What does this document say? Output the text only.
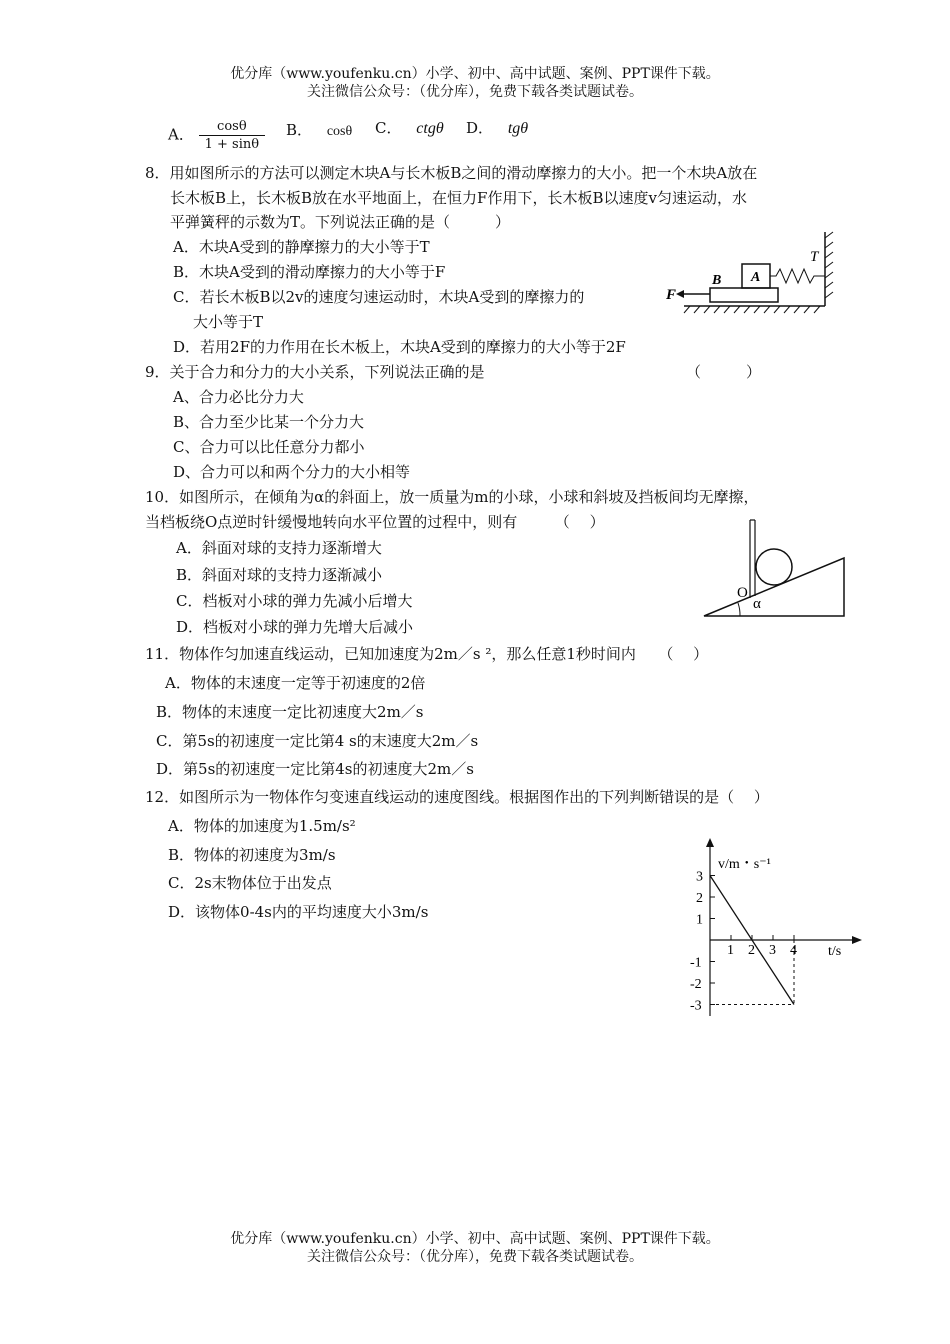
优分库（www.youfenku.cn）小学、初中、高中试题、案例、PPT课件下载。
关注微信公众号：（优分库），免费下载各类试题试卷。
A． $\frac{\cos\theta}{1 + \sin\theta}$ B． cosθ C． ctgθ D． tgθ
8．用如图所示的方法可以测定木块A与长木板B之间的滑动摩擦力的大小。把一个木块A放在
长木板B上，长木板B放在水平地面上，在恒力F作用下，长木板B以速度v匀速运动，水
平弹簧秤的示数为T。下列说法正确的是（　　　）
A．木块A受到的静摩擦力的大小等于T
B．木块A受到的滑动摩擦力的大小等于F
C．若长木板B以2v的速度匀速运动时，木块A受到的摩擦力的
大小等于T
D．若用2F的力作用在长木板上，木块A受到的摩擦力的大小等于2F
F
B A
T
9．关于合力和分力的大小关系，下列说法正确的是	（　　　）
A、合力必比分力大
B、合力至少比某一个分力大
C、合力可以比任意分力都小
D、合力可以和两个分力的大小相等
10．如图所示，在倾角为α的斜面上，放一质量为m的小球，小球和斜坡及挡板间均无摩擦，
当档板绕O点逆时针缓慢地转向水平位置的过程中，则有　　　（　 ）
A．斜面对球的支持力逐渐增大
B．斜面对球的支持力逐渐减小
C．档板对小球的弹力先减小后增大
D．档板对小球的弹力先增大后减小
O
α
11．物体作匀加速直线运动，已知加速度为2m／s ²，那么任意1秒时间内　　（　 ）
A．物体的末速度一定等于初速度的2倍
B．物体的末速度一定比初速度大2m／s
C．第5s的初速度一定比第4 s的末速度大2m／s
D．第5s的初速度一定比第4s的初速度大2m／s
12．如图所示为一物体作匀变速直线运动的速度图线。根据图作出的下列判断错误的是（　 ）
A．物体的加速度为1.5m/s²
B．物体的初速度为3m/s
C．2s末物体位于出发点
D．该物体0-4s内的平均速度大小3m/s
1 2 3 4
3
2
1
-1
-2
-3
v/m・s⁻¹
t/s
优分库（www.youfenku.cn）小学、初中、高中试题、案例、PPT课件下载。
关注微信公众号：（优分库），免费下载各类试题试卷。
